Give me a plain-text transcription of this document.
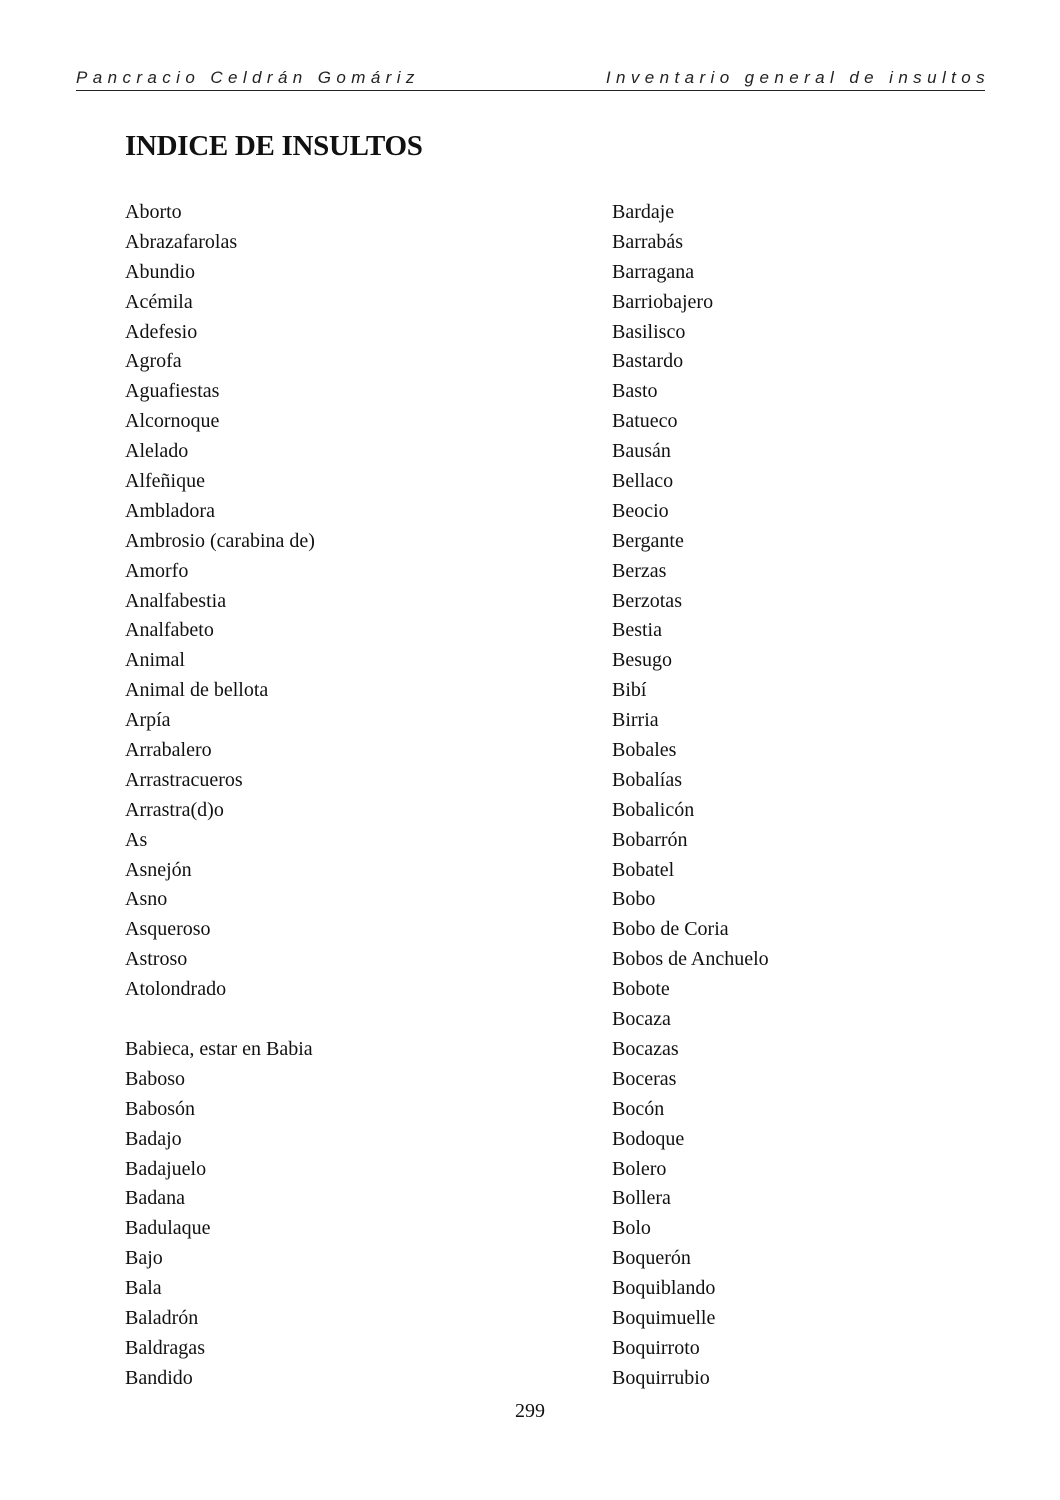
Pancracio Celdrán Gomáriz	Inventario general de insultos
INDICE DE INSULTOS
Aborto
Abrazafarolas
Abundio
Acémila
Adefesio
Agrofa
Aguafiestas
Alcornoque
Alelado
Alfeñique
Ambladora
Ambrosio (carabina de)
Amorfo
Analfabestia
Analfabeto
Animal
Animal de bellota
Arpía
Arrabalero
Arrastracueros
Arrastra(d)o
As
Asnejón
Asno
Asqueroso
Astroso
Atolondrado
Babieca, estar en Babia
Baboso
Babosón
Badajo
Badajuelo
Badana
Badulaque
Bajo
Bala
Baladrón
Baldragas
Bandido
Bardaje
Barrabás
Barragana
Barriobajero
Basilisco
Bastardo
Basto
Batueco
Bausán
Bellaco
Beocio
Bergante
Berzas
Berzotas
Bestia
Besugo
Bibí
Birria
Bobales
Bobalías
Bobalicón
Bobarrón
Bobatel
Bobo
Bobo de Coria
Bobos de Anchuelo
Bobote
Bocaza
Bocazas
Boceras
Bocón
Bodoque
Bolero
Bollera
Bolo
Boquerón
Boquiblando
Boquimuelle
Boquirroto
Boquirrubio
299
